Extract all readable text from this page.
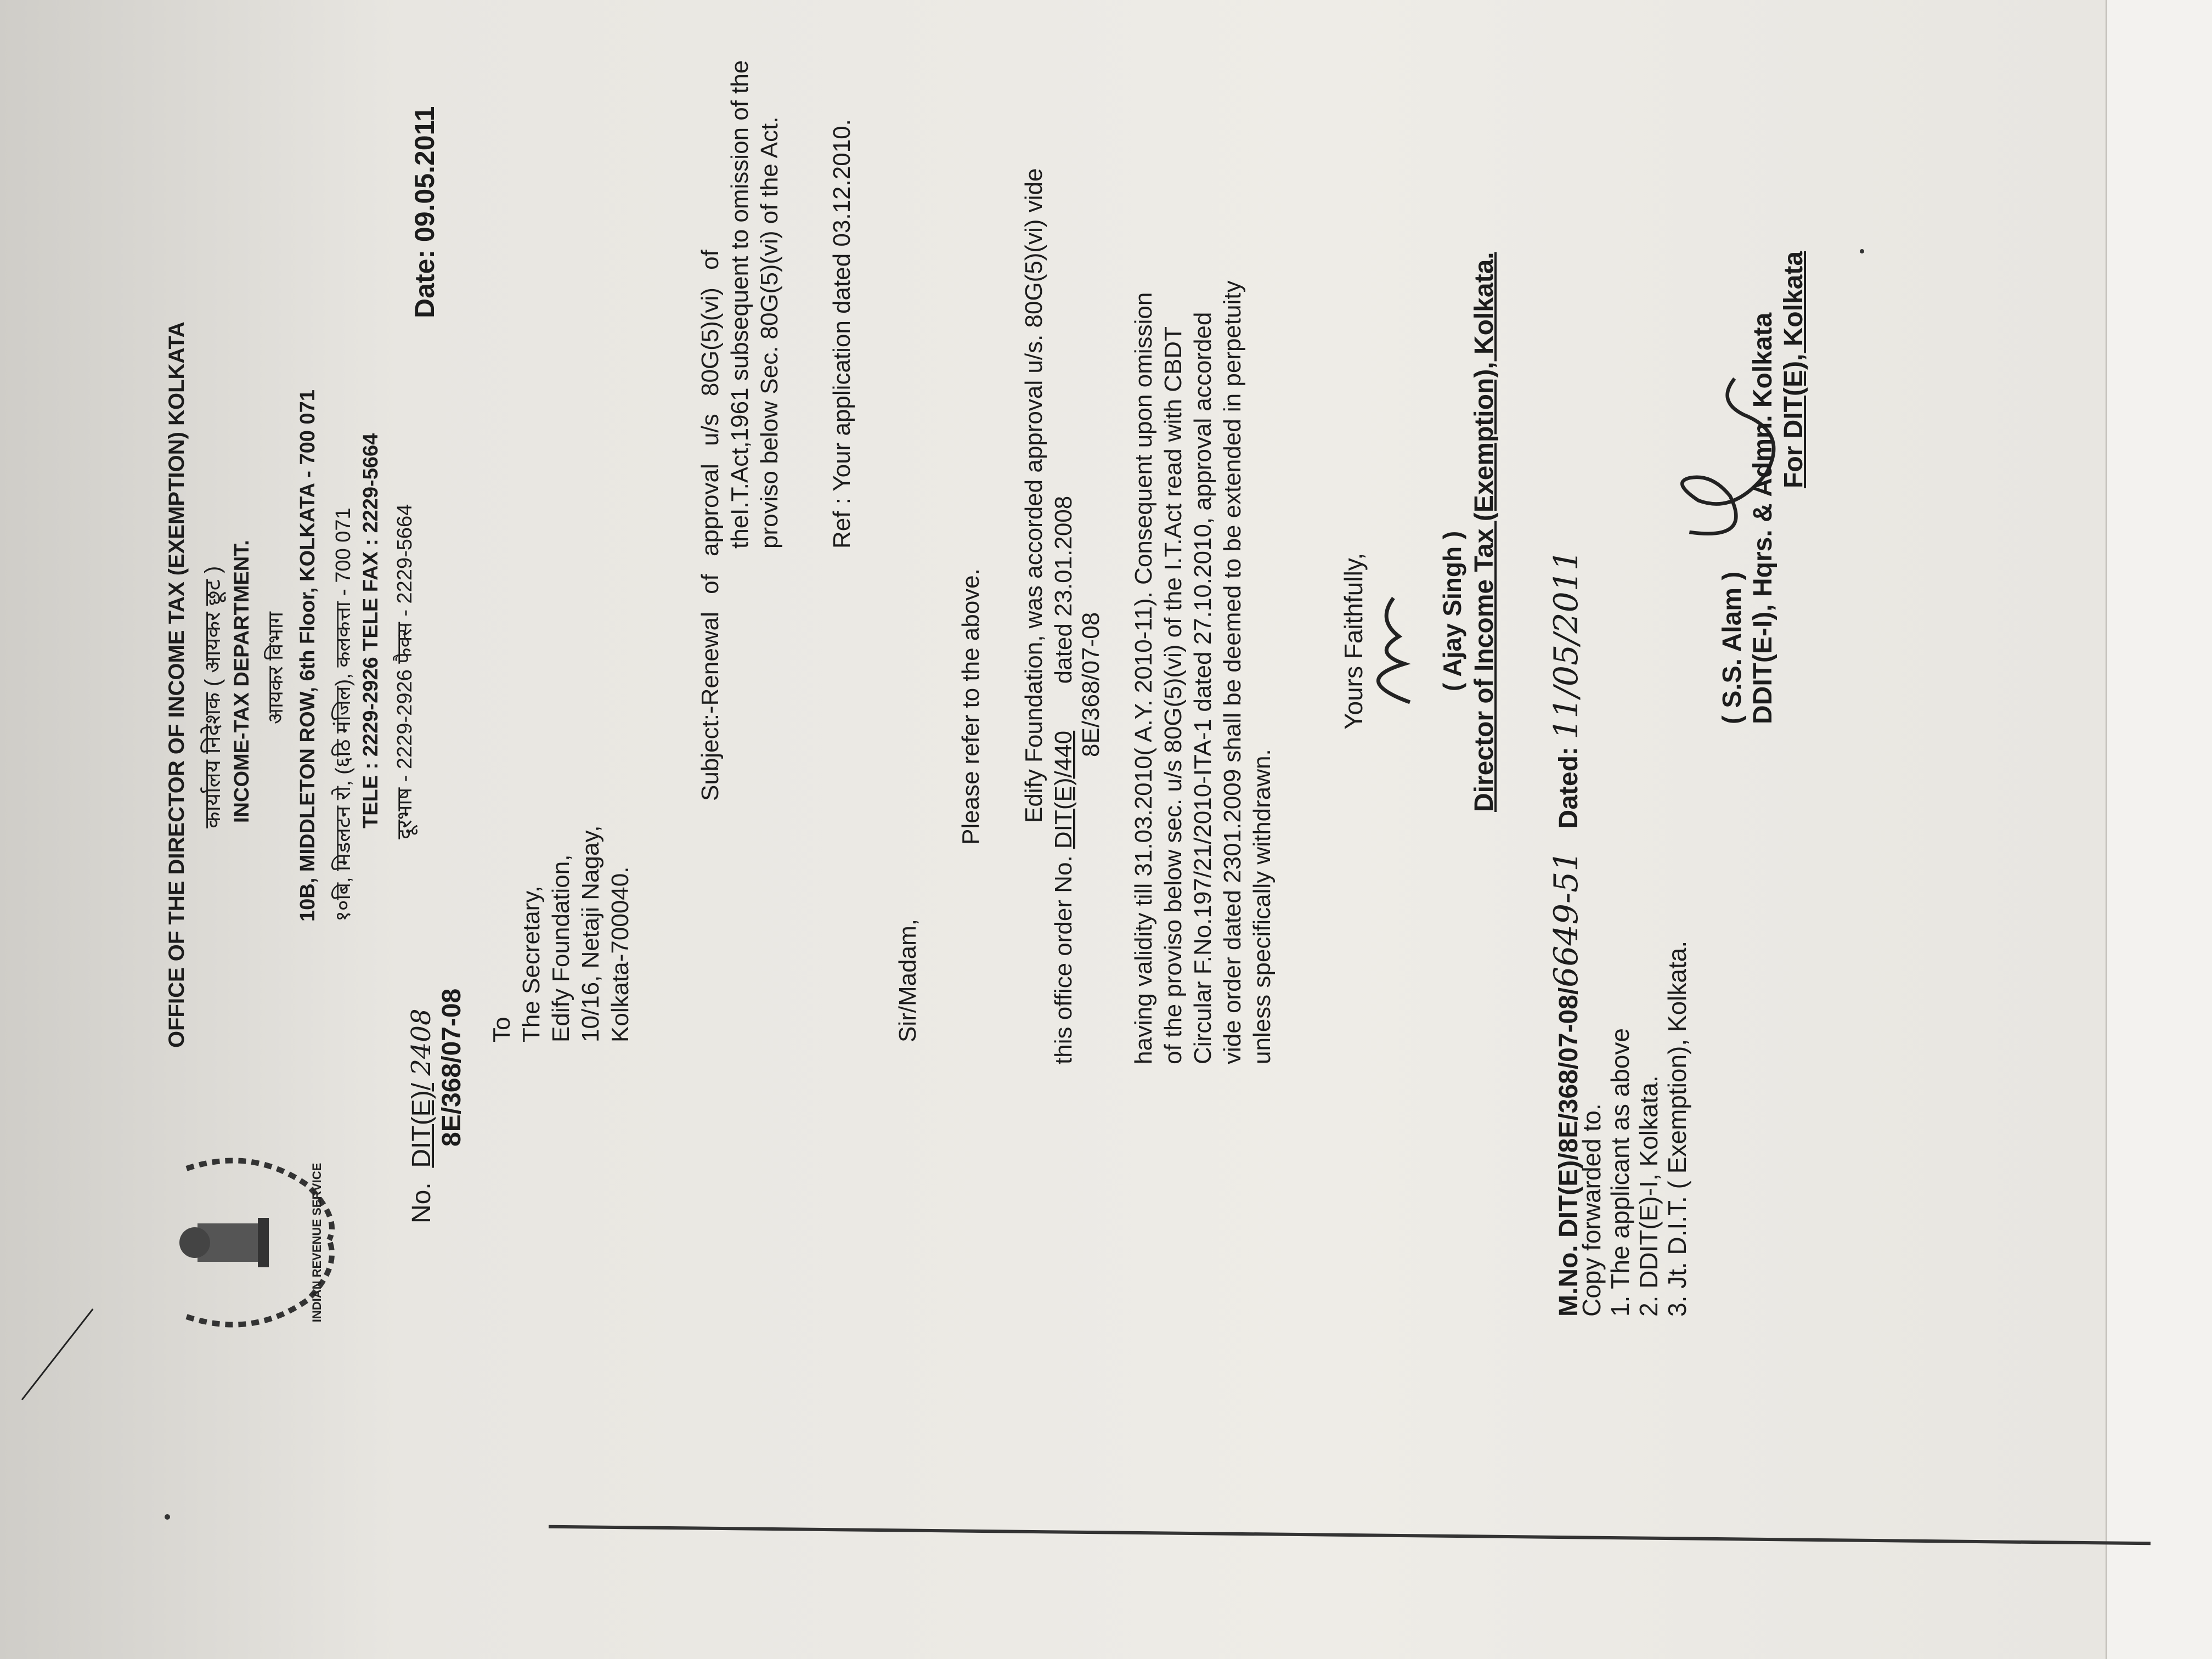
INDIAN REVENUE SERVICE
OFFICE OF THE DIRECTOR OF INCOME TAX (EXEMPTION) KOLKATA कार्यालय निदेशक ( आयकर छूट ) INCOME-TAX DEPARTMENT. आयकर विभाग 10B, MIDDLETON ROW, 6th Floor, KOLKATA - 700 071 १०बि, मिडलटन रो, (६ठि मंजिल), कलकत्ता - 700 071 TELE : 2229-2926 TELE FAX : 2229-5664 दूरभाष - 2229-2926 फैक्स - 2229-5664
No.  DIT(E)/ 2408 8E/368/07-08
Date: 09.05.2011
To The Secretary, Edify Foundation, 10/16, Netaji Nagay, Kolkata-700040.
Subject:-Renewal of approval u/s 80G(5)(vi) of theI.T.Act,1961 subsequent to omission of the proviso below Sec. 80G(5)(vi) of the Act. Ref : Your application dated 03.12.2010.
Sir/Madam,
Please refer to the above. Edify Foundation, was accorded approval u/s. 80G(5)(vi) vide
this office order No. DIT(E)/440       dated 23.01.2008
8E/368/07-08 having validity till 31.03.2010( A.Y. 2010-11). Consequent upon omission of the proviso below sec. u/s 80G(5)(vi) of the I.T.Act read with CBDT Circular F.No.197/21/2010-ITA-1 dated 27.10.2010, approval accorded vide order dated 2301.2009 shall be deemed to be extended in perpetuity unless specifically withdrawn.
Yours Faithfully,	( Ajay Singh ) Director of Income Tax (Exemption), Kolkata.
M.No. DIT(E)/8E/368/07-08/6649-51   Dated: 11/05/2011
Copy forwarded to. 1. The applicant as above 2. DDIT(E)-I, Kolkata. 3. Jt. D.I.T. ( Exemption), Kolkata.
( S.S. Alam ) DDIT(E-I), Hqrs. & Admn. Kolkata For DIT(E), Kolkata
